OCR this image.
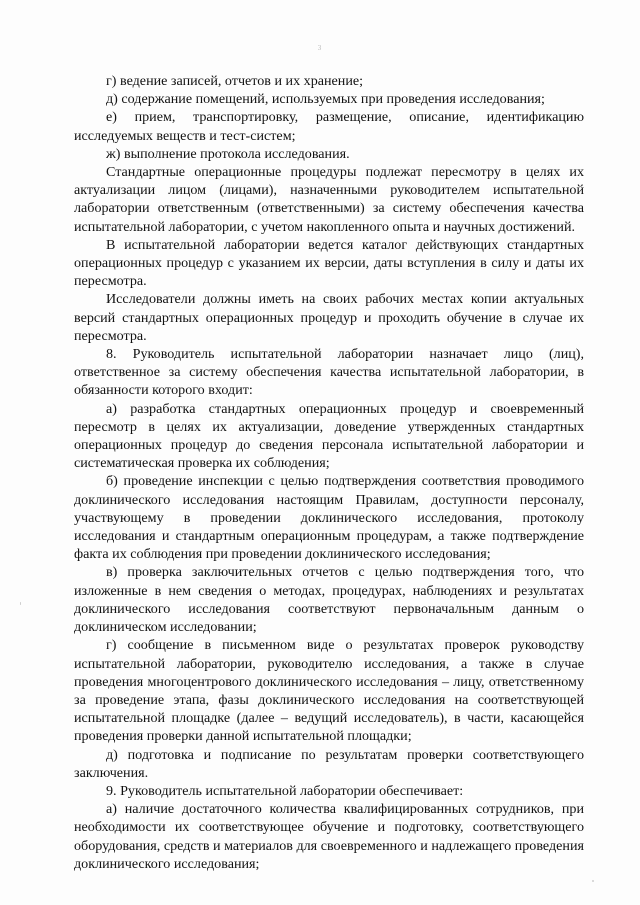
3

г) ведение записей, отчетов и их хранение;

д) содержание помещений, используемых при проведения исследования;

е) прием, транспортировку, размещение, описание, идентификацию исследуемых веществ и тест-систем;

ж) выполнение протокола исследования.

Стандартные операционные процедуры подлежат пересмотру в целях их актуализации лицом (лицами), назначенными руководителем испытательной лаборатории ответственным (ответственными) за систему обеспечения качества испытательной лаборатории, с учетом накопленного опыта и научных достижений.

В испытательной лаборатории ведется каталог действующих стандартных операционных процедур с указанием их версии, даты вступления в силу и даты их пересмотра.

Исследователи должны иметь на своих рабочих местах копии актуальных версий стандартных операционных процедур и проходить обучение в случае их пересмотра.

8. Руководитель испытательной лаборатории назначает лицо (лиц), ответственное за систему обеспечения качества испытательной лаборатории, в обязанности которого входит:

а) разработка стандартных операционных процедур и своевременный пересмотр в целях их актуализации, доведение утвержденных стандартных операционных процедур до сведения персонала испытательной лаборатории и систематическая проверка их соблюдения;

б) проведение инспекции с целью подтверждения соответствия проводимого доклинического исследования настоящим Правилам, доступности персоналу, участвующему в проведении доклинического исследования, протоколу исследования и стандартным операционным процедурам, а также подтверждение факта их соблюдения при проведении доклинического исследования;

в) проверка заключительных отчетов с целью подтверждения того, что изложенные в нем сведения о методах, процедурах, наблюдениях и результатах доклинического исследования соответствуют первоначальным данным о доклиническом исследовании;

г) сообщение в письменном виде о результатах проверок руководству испытательной лаборатории, руководителю исследования, а также в случае проведения многоцентрового доклинического исследования – лицу, ответственному за проведение этапа, фазы доклинического исследования на соответствующей испытательной площадке (далее – ведущий исследователь), в части, касающейся проведения проверки данной испытательной площадки;

д) подготовка и подписание по результатам проверки соответствующего заключения.

9. Руководитель испытательной лаборатории обеспечивает:

а) наличие достаточного количества квалифицированных сотрудников, при необходимости их соответствующее обучение и подготовку, соответствующего оборудования, средств и материалов для своевременного и надлежащего проведения доклинического исследования;
